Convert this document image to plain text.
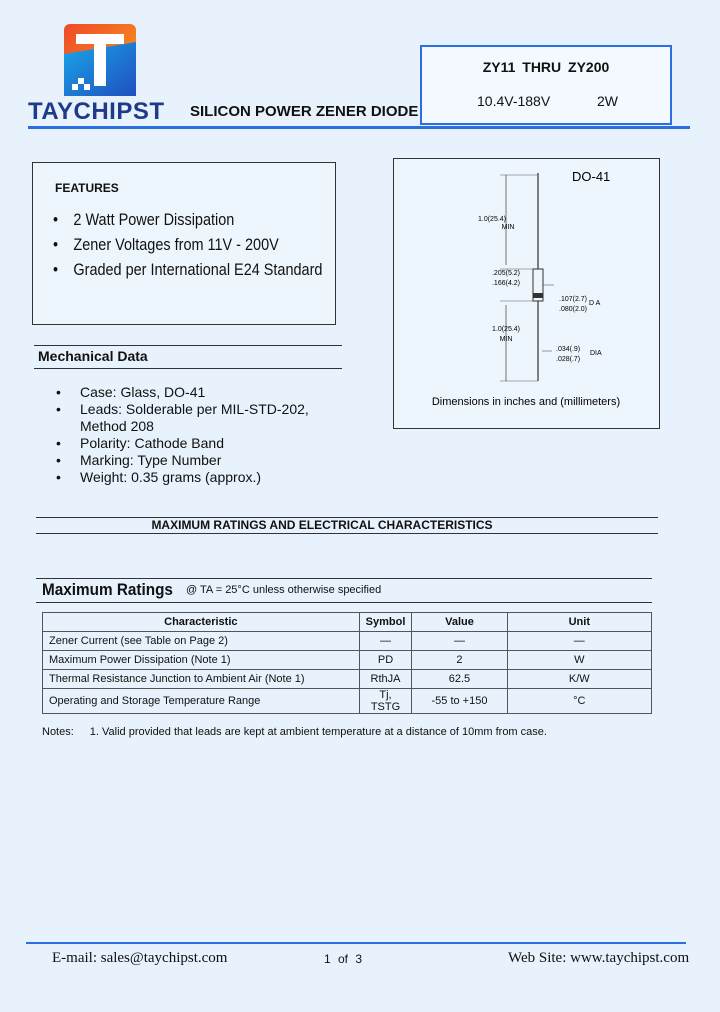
TAYCHIPST SILICON POWER ZENER DIODE
ZY11 THRU ZY200
10.4V-188V	2W
FEATURES
• 2 Watt Power Dissipation
• Zener Voltages from 11V - 200V
• Graded per International E24 Standard
Mechanical Data
•	Case: Glass, DO-41
•	Leads: Solderable per MIL-STD-202, Method 208
•	Polarity: Cathode Band
•	Marking: Type Number
•	Weight: 0.35 grams (approx.)
DO-41
1.0(25.4)
MIN
.205(5.2)
.166(4.2)
1.0(25.4)
MIN
.107(2.7)
.080(2.0)
D A
.034(.9)
.028(.7)
DIA
Dimensions in inches and (millimeters)
MAXIMUM RATINGS AND ELECTRICAL CHARACTERISTICS
Maximum Ratings @ TA = 25°C unless otherwise specified
Characteristic	Symbol	Value	Unit
Zener Current (see Table on Page 2)	—	—	—
Maximum Power Dissipation (Note 1)	PD	2	W
Thermal Resistance Junction to Ambient Air (Note 1)	RthJA	62.5	K/W
Operating and Storage Temperature Range	Tj, TSTG	-55 to +150	°C
Notes: 1. Valid provided that leads are kept at ambient temperature at a distance of 10mm from case.
E-mail: sales@taychipst.com	1 of 3	Web Site: www.taychipst.com
